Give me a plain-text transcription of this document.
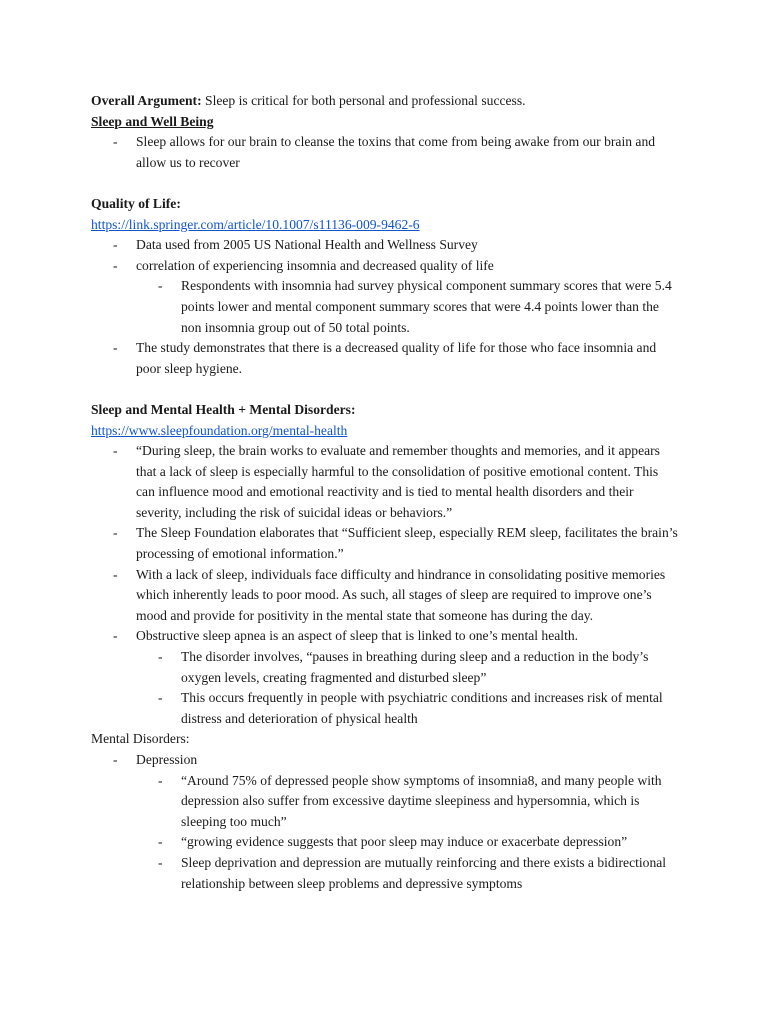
Overall Argument: Sleep is critical for both personal and professional success.

Sleep and Well Being

- Sleep allows for our brain to cleanse the toxins that come from being awake from our brain and allow us to recover

Quality of Life:

https://link.springer.com/article/10.1007/s11136-009-9462-6

- Data used from 2005 US National Health and Wellness Survey
- correlation of experiencing insomnia and decreased quality of life
- Respondents with insomnia had survey physical component summary scores that were 5.4 points lower and mental component summary scores that were 4.4 points lower than the non insomnia group out of 50 total points.
- The study demonstrates that there is a decreased quality of life for those who face insomnia and poor sleep hygiene.

Sleep and Mental Health + Mental Disorders:

https://www.sleepfoundation.org/mental-health

- “During sleep, the brain works to evaluate and remember thoughts and memories, and it appears that a lack of sleep is especially harmful to the consolidation of positive emotional content. This can influence mood and emotional reactivity and is tied to mental health disorders and their severity, including the risk of suicidal ideas or behaviors.”
- The Sleep Foundation elaborates that “Sufficient sleep, especially REM sleep, facilitates the brain’s processing of emotional information.”
- With a lack of sleep, individuals face difficulty and hindrance in consolidating positive memories which inherently leads to poor mood. As such, all stages of sleep are required to improve one’s mood and provide for positivity in the mental state that someone has during the day.
- Obstructive sleep apnea is an aspect of sleep that is linked to one’s mental health.
- The disorder involves, “pauses in breathing during sleep and a reduction in the body’s oxygen levels, creating fragmented and disturbed sleep”
- This occurs frequently in people with psychiatric conditions and increases risk of mental distress and deterioration of physical health

Mental Disorders:

- Depression
- “Around 75% of depressed people show symptoms of insomnia8, and many people with depression also suffer from excessive daytime sleepiness and hypersomnia, which is sleeping too much”
- “growing evidence suggests that poor sleep may induce or exacerbate depression”
- Sleep deprivation and depression are mutually reinforcing and there exists a bidirectional relationship between sleep problems and depressive symptoms
